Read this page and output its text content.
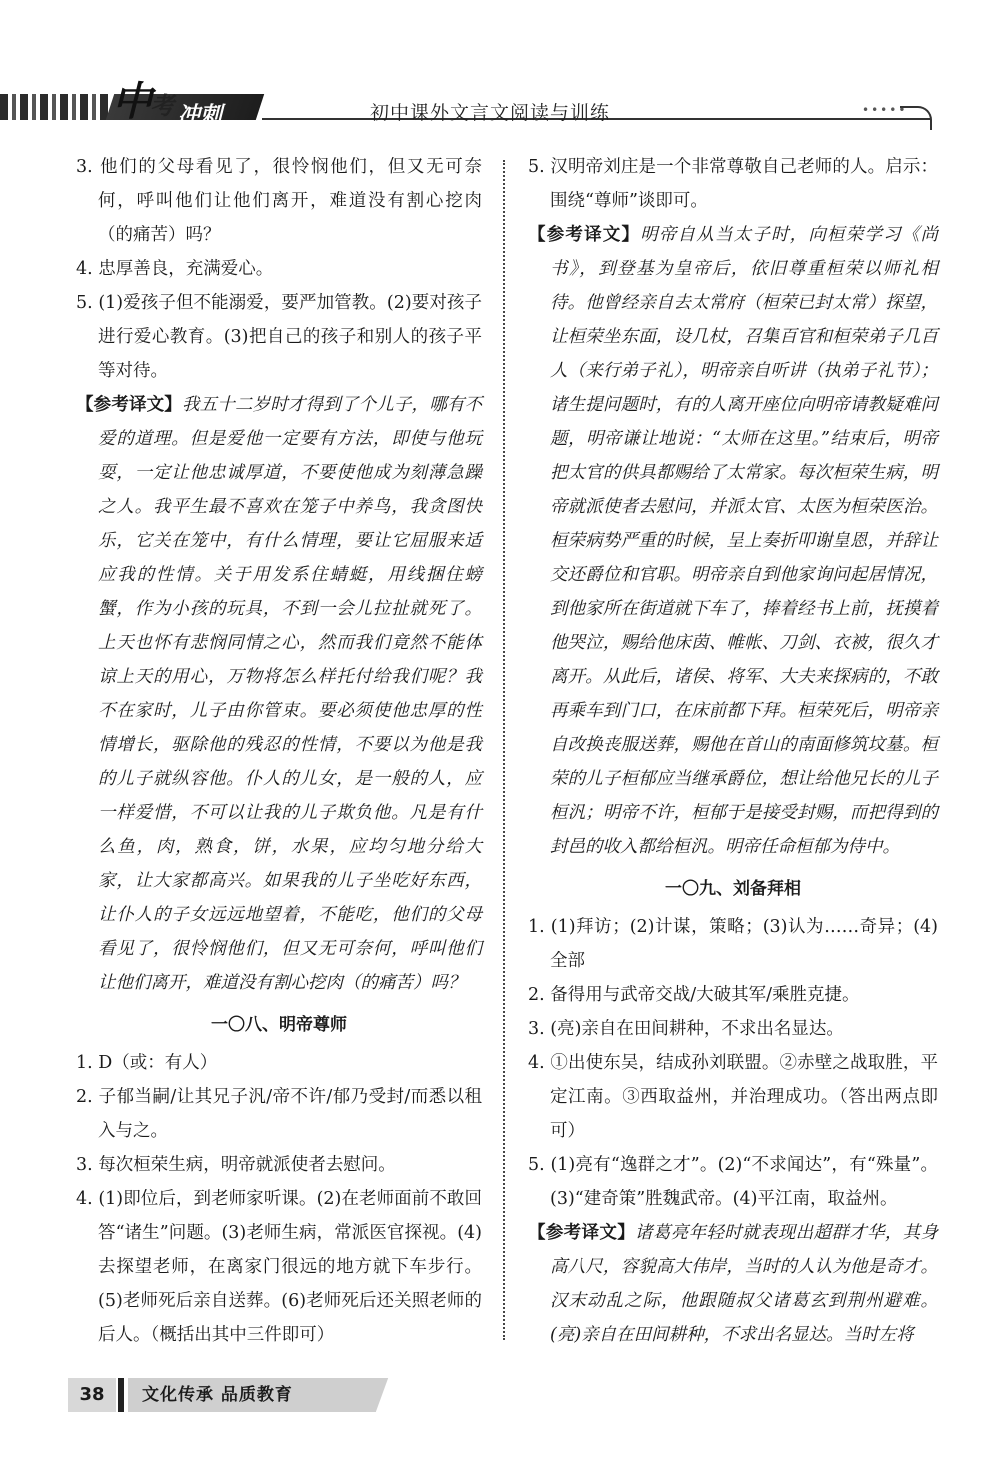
中
考 冲刺	初中课外文言文阅读与训练	•••••

3. 他们的父母看见了，很怜悯他们，但又无可奈何，呼叫他们让他们离开，难道没有割心挖肉（的痛苦）吗？

4. 忠厚善良，充满爱心。

5. (1)爱孩子但不能溺爱，要严加管教。(2)要对孩子进行爱心教育。(3)把自己的孩子和别人的孩子平等对待。

【参考译文】我五十二岁时才得到了个儿子，哪有不爱的道理。但是爱他一定要有方法，即使与他玩耍，一定让他忠诚厚道，不要使他成为刻薄急躁之人。我平生最不喜欢在笼子中养鸟，我贪图快乐，它关在笼中，有什么情理，要让它屈服来适应我的性情。关于用发系住蜻蜓，用线捆住螃蟹，作为小孩的玩具，不到一会儿拉扯就死了。上天也怀有悲悯同情之心，然而我们竟然不能体谅上天的用心，万物将怎么样托付给我们呢？我不在家时，儿子由你管束。要必须使他忠厚的性情增长，驱除他的残忍的性情，不要以为他是我的儿子就纵容他。仆人的儿女，是一般的人，应一样爱惜，不可以让我的儿子欺负他。凡是有什么鱼，肉，熟食，饼，水果，应均匀地分给大家，让大家都高兴。如果我的儿子坐吃好东西，让仆人的子女远远地望着，不能吃，他们的父母看见了，很怜悯他们，但又无可奈何，呼叫他们让他们离开，难道没有割心挖肉（的痛苦）吗？

一〇八、明帝尊师

1. D（或：有人）

2. 子郁当嗣/让其兄子汎/帝不许/郁乃受封/而悉以租入与之。

3. 每次桓荣生病，明帝就派使者去慰问。

4. (1)即位后，到老师家听课。(2)在老师面前不敢回答“诸生”问题。(3)老师生病，常派医官探视。(4)去探望老师，在离家门很远的地方就下车步行。(5)老师死后亲自送葬。(6)老师死后还关照老师的后人。（概括出其中三件即可）

5. 汉明帝刘庄是一个非常尊敬自己老师的人。启示：围绕“尊师”谈即可。

【参考译文】明帝自从当太子时，向桓荣学习《尚书》，到登基为皇帝后，依旧尊重桓荣以师礼相待。他曾经亲自去太常府（桓荣已封太常）探望，让桓荣坐东面，设几杖，召集百官和桓荣弟子几百人（来行弟子礼），明帝亲自听讲（执弟子礼节）；诸生提问题时，有的人离开座位向明帝请教疑难问题，明帝谦让地说：“太师在这里。”结束后，明帝把太官的供具都赐给了太常家。每次桓荣生病，明帝就派使者去慰问，并派太官、太医为桓荣医治。桓荣病势严重的时候，呈上奏折叩谢皇恩，并辞让交还爵位和官职。明帝亲自到他家询问起居情况，到他家所在街道就下车了，捧着经书上前，抚摸着他哭泣，赐给他床茵、帷帐、刀剑、衣被，很久才离开。从此后，诸侯、将军、大夫来探病的，不敢再乘车到门口，在床前都下拜。桓荣死后，明帝亲自改换丧服送葬，赐他在首山的南面修筑坟墓。桓荣的儿子桓郁应当继承爵位，想让给他兄长的儿子桓汎；明帝不许，桓郁于是接受封赐，而把得到的封邑的收入都给桓汎。明帝任命桓郁为侍中。

一〇九、刘备拜相

1. (1)拜访；(2)计谋，策略；(3)认为……奇异；(4)全部

2. 备得用与武帝交战/大破其军/乘胜克捷。

3. (亮)亲自在田间耕种，不求出名显达。

4. ①出使东吴，结成孙刘联盟。②赤壁之战取胜，平定江南。③西取益州，并治理成功。（答出两点即可）

5. (1)亮有“逸群之才”。(2)“不求闻达”，有“殊量”。(3)“建奇策”胜魏武帝。(4)平江南，取益州。

【参考译文】诸葛亮年轻时就表现出超群才华，其身高八尺，容貌高大伟岸，当时的人认为他是奇才。汉末动乱之际，他跟随叔父诸葛玄到荆州避难。(亮)亲自在田间耕种，不求出名显达。当时左将

38	文化传承 品质教育
